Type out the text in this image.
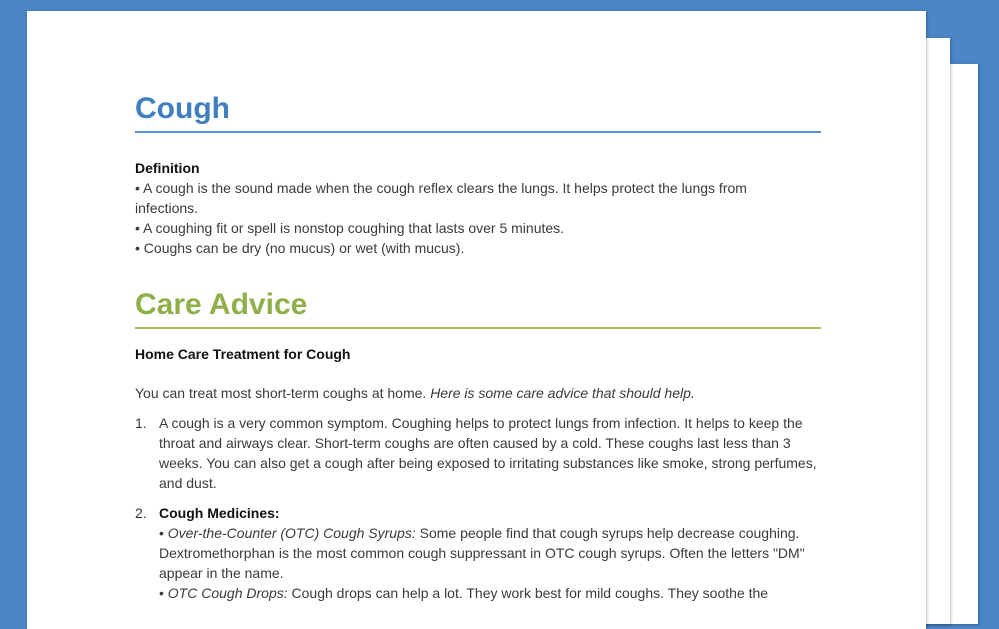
Cough
Definition
• A cough is the sound made when the cough reflex clears the lungs. It helps protect the lungs from infections.
• A coughing fit or spell is nonstop coughing that lasts over 5 minutes.
• Coughs can be dry (no mucus) or wet (with mucus).
Care Advice
Home Care Treatment for Cough
You can treat most short-term coughs at home. Here is some care advice that should help.
1. A cough is a very common symptom. Coughing helps to protect lungs from infection. It helps to keep the throat and airways clear. Short-term coughs are often caused by a cold. These coughs last less than 3 weeks. You can also get a cough after being exposed to irritating substances like smoke, strong perfumes, and dust.
2. Cough Medicines:
• Over-the-Counter (OTC) Cough Syrups: Some people find that cough syrups help decrease coughing. Dextromethorphan is the most common cough suppressant in OTC cough syrups. Often the letters "DM" appear in the name.
• OTC Cough Drops: Cough drops can help a lot. They work best for mild coughs. They soothe the
